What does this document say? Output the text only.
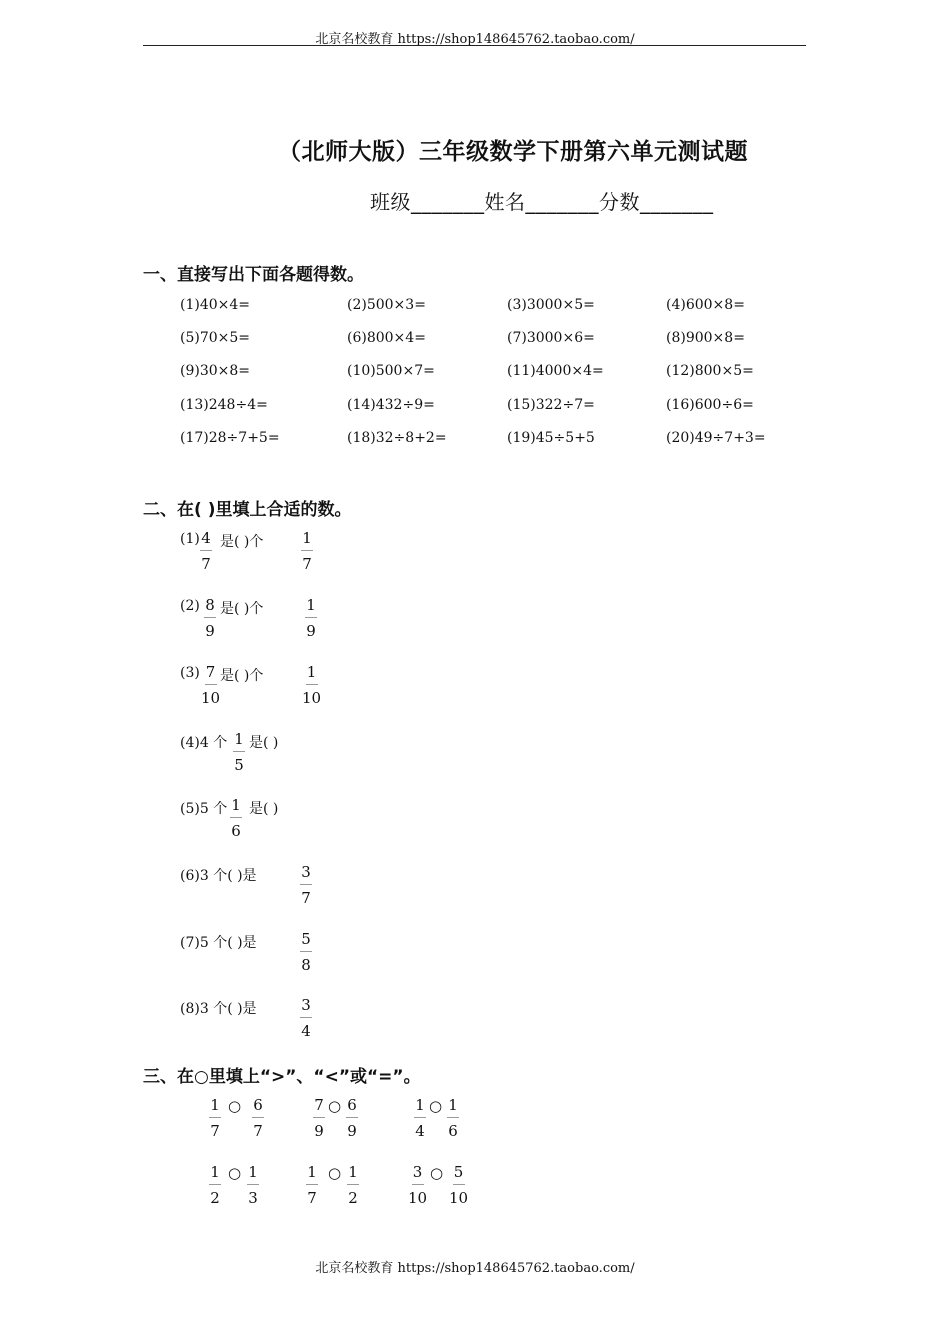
北京名校教育 https://shop148645762.taobao.com/
（北师大版）三年级数学下册第六单元测试题
班级_______姓名_______分数_______
一、直接写出下面各题得数。
(1)40×4=	(2)500×3=	(3)3000×5=	(4)600×8=
(5)70×5=	(6)800×4=	(7)3000×6=	(8)900×8=
(9)30×8=	(10)500×7=	(11)4000×4=	(12)800×5=
(13)248÷4=	(14)432÷9=	(15)322÷7=	(16)600÷6=
(17)28÷7+5=	(18)32÷8+2=	(19)45÷5+5	(20)49÷7+3=
二、在( )里填上合适的数。
$(1) \frac{4}{7}$ 是( )个	$\frac{1}{7}$
$(2) \frac{8}{9}$ 是( )个	$\frac{1}{9}$
$(3) \frac{7}{10}$ 是( )个	$\frac{1}{10}$
(4)4 个 $\frac{1}{5}$ 是( )
(5)5 个 $\frac{1}{6}$ 是( )
(6)3 个( )是	$\frac{3}{7}$
(7)5 个( )是	$\frac{5}{8}$
(8)3 个( )是	$\frac{3}{4}$
三、在○里填上“>”、“<”或“=”。
$\frac{1}{7}$ ○ $\frac{6}{7}$	$\frac{7}{9}$ ○ $\frac{6}{9}$	$\frac{1}{4}$ ○ $\frac{1}{6}$
$\frac{1}{2}$ ○ $\frac{1}{3}$	$\frac{1}{7}$ ○ $\frac{1}{2}$	$\frac{3}{10}$ ○ $\frac{5}{10}$
北京名校教育 https://shop148645762.taobao.com/
